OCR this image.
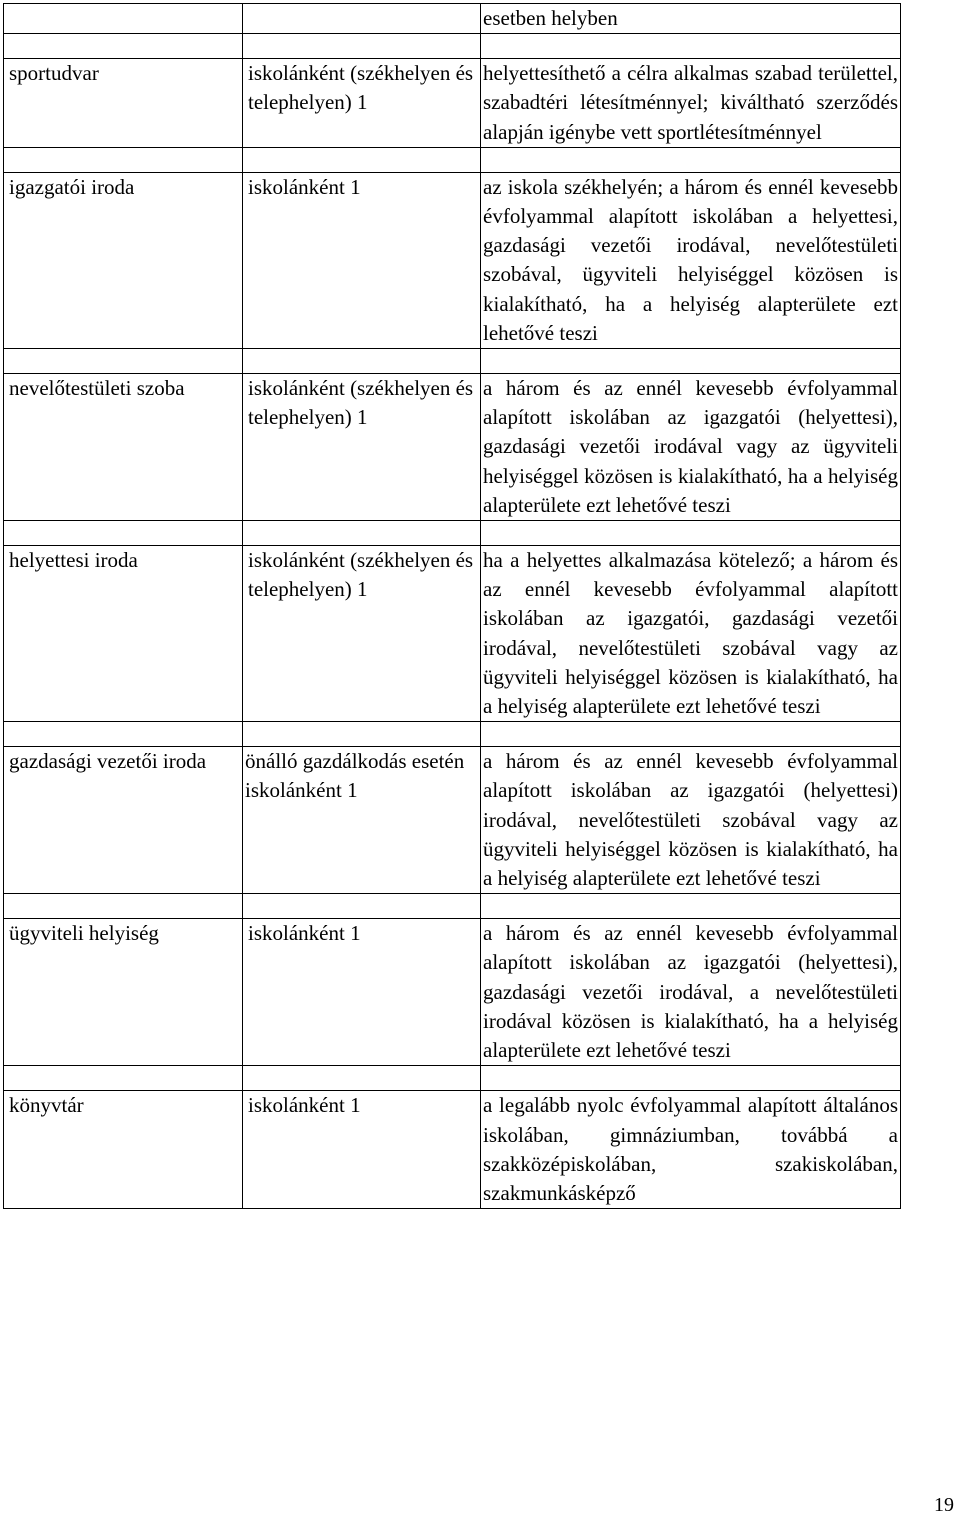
		esetben helyben

sportudvar	iskolánként (székhelyen és telephelyen) 1	helyettesíthető a célra alkalmas szabad területtel, szabadtéri létesítménnyel; kiváltható szerződés alapján igénybe vett sportlétesítménnyel

igazgatói iroda	iskolánként 1	az iskola székhelyén; a három és ennél kevesebb évfolyammal alapított iskolában a helyettesi, gazdasági vezetői irodával, nevelőtestületi szobával, ügyviteli helyiséggel közösen is kialakítható, ha a helyiség alapterülete ezt lehetővé teszi

nevelőtestületi szoba	iskolánként (székhelyen és telephelyen) 1	a három és az ennél kevesebb évfolyammal alapított iskolában az igazgatói (helyettesi), gazdasági vezetői irodával vagy az ügyviteli helyiséggel közösen is kialakítható, ha a helyiség alapterülete ezt lehetővé teszi

helyettesi iroda	iskolánként (székhelyen és telephelyen) 1	ha a helyettes alkalmazása kötelező; a három és az ennél kevesebb évfolyammal alapított iskolában az igazgatói, gazdasági vezetői irodával, nevelőtestületi szobával vagy az ügyviteli helyiséggel közösen is kialakítható, ha a helyiség alapterülete ezt lehetővé teszi

gazdasági vezetői iroda	önálló gazdálkodás esetén iskolánként 1	a három és az ennél kevesebb évfolyammal alapított iskolában az igazgatói (helyettesi) irodával, nevelőtestületi szobával vagy az ügyviteli helyiséggel közösen is kialakítható, ha a helyiség alapterülete ezt lehetővé teszi

ügyviteli helyiség	iskolánként 1	a három és az ennél kevesebb évfolyammal alapított iskolában az igazgatói (helyettesi), gazdasági vezetői irodával, a nevelőtestületi irodával közösen is kialakítható, ha a helyiség alapterülete ezt lehetővé teszi

könyvtár	iskolánként 1	a legalább nyolc évfolyammal alapított általános iskolában, gimnáziumban, továbbá a szakközépiskolában, szakiskolában, szakmunkásképző
19
